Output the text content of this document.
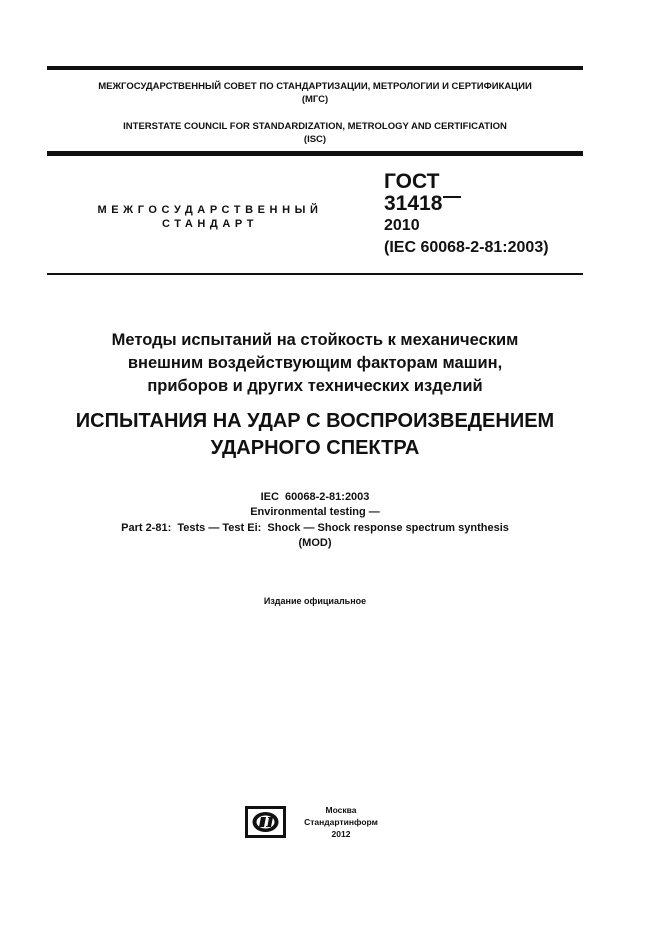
МЕЖГОСУДАРСТВЕННЫЙ СОВЕТ ПО СТАНДАРТИЗАЦИИ, МЕТРОЛОГИИ И СЕРТИФИКАЦИИ
(МГС)
INTERSTATE COUNCIL FOR STANDARDIZATION, METROLOGY AND CERTIFICATION
(ISC)
МЕЖГОСУДАРСТВЕННЫЙ
СТАНДАРТ
ГОСТ
31418
2010
(IEC 60068-2-81:2003)
Методы испытаний на стойкость к механическим
внешним воздействующим факторам машин,
приборов и других технических изделий
ИСПЫТАНИЯ НА УДАР С ВОСПРОИЗВЕДЕНИЕМ
УДАРНОГО СПЕКТРА
IEC  60068-2-81:2003
Environmental testing —
Part 2-81:  Tests — Test Ei:  Shock — Shock response spectrum synthesis
(MOD)
Издание официальное
Москва
Стандартинформ
2012
